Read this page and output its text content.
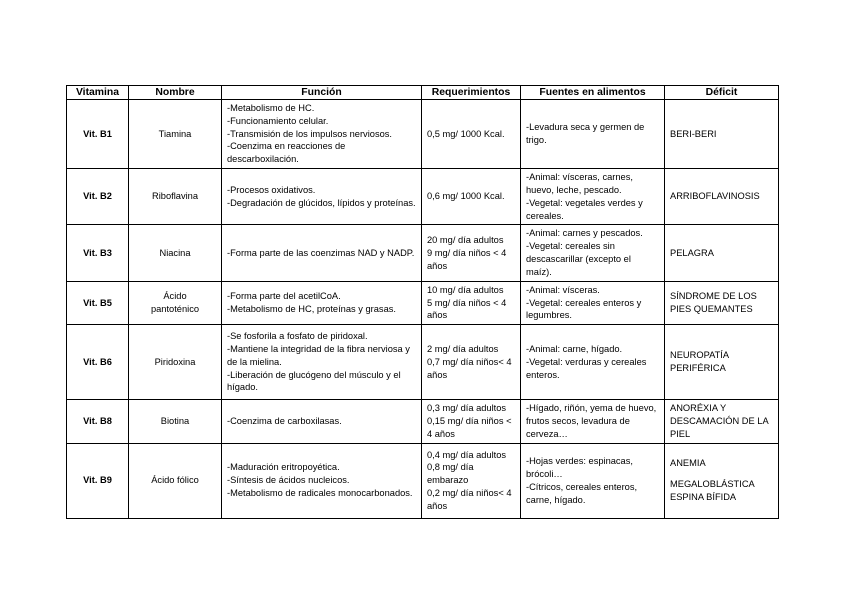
Vitamina	Nombre	Función	Requerimientos	Fuentes en alimentos	Déficit
Vit. B1	Tiamina	-Metabolismo de HC.
-Funcionamiento celular.
-Transmisión de los impulsos nerviosos.
-Coenzima en reacciones de descarboxilación.	0,5 mg/ 1000 Kcal.	-Levadura seca y germen de trigo.	BERI-BERI

Vit. B2	Riboflavina	-Procesos oxidativos.
-Degradación de glúcidos, lípidos y proteínas.	0,6 mg/ 1000 Kcal.	-Animal: vísceras, carnes, huevo, leche, pescado.
-Vegetal: vegetales verdes y cereales.	ARRIBOFLAVINOSIS

Vit. B3	Niacina	-Forma parte de las coenzimas NAD y NADP.	20 mg/ día adultos
9 mg/ día niños < 4 años	-Animal: carnes y pescados.
-Vegetal: cereales sin descascarillar (excepto el maíz).	PELAGRA

Vit. B5	Ácido
pantoténico	-Forma parte del acetilCoA.
-Metabolismo de HC, proteínas y grasas.	10 mg/ día adultos
5 mg/ día niños < 4 años	-Animal: vísceras.
-Vegetal: cereales enteros y legumbres.	SÍNDROME DE LOS PIES QUEMANTES

Vit. B6	Piridoxina	-Se fosforila a fosfato de piridoxal.
-Mantiene la integridad de la fibra nerviosa y de la mielina.
-Liberación de glucógeno del músculo y el hígado.	2 mg/ día adultos
0,7 mg/ día niños< 4 años	-Animal: carne, hígado.
-Vegetal: verduras y cereales enteros.	NEUROPATÍA PERIFÉRICA

Vit. B8	Biotina	-Coenzima de carboxilasas.	0,3 mg/ día adultos
0,15 mg/ día niños < 4 años	-Hígado, riñón, yema de huevo, frutos secos, levadura de cerveza…	ANORÉXIA Y DESCAMACIÓN DE LA PIEL

Vit. B9	Ácido fólico	-Maduración eritropoyética.
-Síntesis de ácidos nucleicos.
-Metabolismo de radicales monocarbonados.	0,4 mg/ día adultos
0,8 mg/ día embarazo
0,2 mg/ día niños< 4 años	-Hojas verdes: espinacas, brócoli…
-Cítricos, cereales enteros, carne, hígado.	ANEMIA
MEGALOBLÁSTICA ESPINA BÍFIDA
